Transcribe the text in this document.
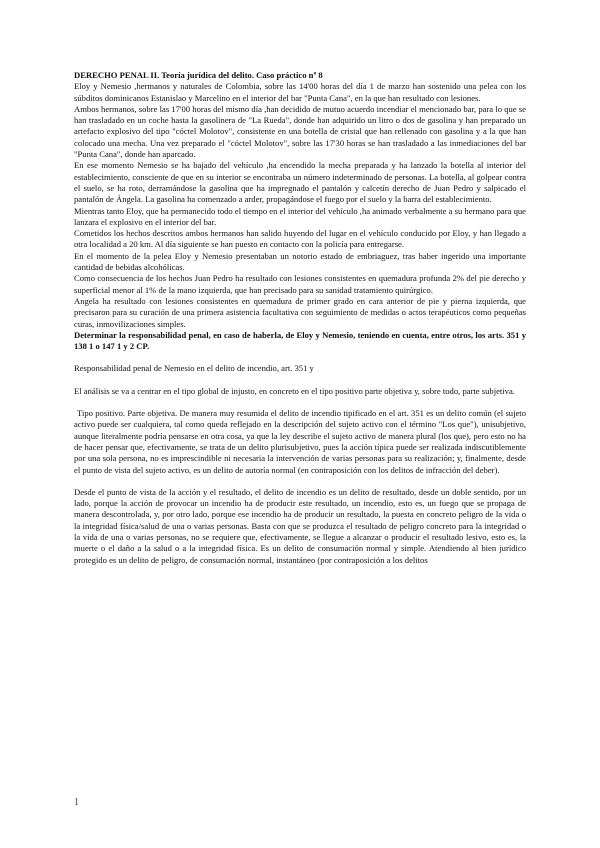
DERECHO PENAL II. Teoría jurídica del delito. Caso práctico nº 8

Eloy y Nemesio ,hermanos y naturales de Colombia, sobre las 14'00 horas del día 1 de marzo han sostenido una pelea con los súbditos dominicanos Estanislao y Marcelino en el interior del bar "Punta Cana", en la que han resultado con lesiones.

Ambos hermanos, sobre las 17'00 horas del mismo día ,han decidido de mutuo acuerdo incendiar el mencionado bar, para lo que se han trasladado en un coche hasta la gasolinera de "La Rueda", donde han adquirido un litro o dos de gasolina y han preparado un artefacto explosivo del tipo "cóctel Molotov", consistente en una botella de cristal que han rellenado con gasolina y a la que han colocado una mecha. Una vez preparado el "cóctel Molotov", sobre las 17'30 horas se han trasladado a las inmediaciones del bar "Punta Cana", donde han aparcado.

En ese momento Nemesio se ha bajado del vehículo ,ha encendido la mecha preparada y ha lanzado la botella al interior del establecimiento, consciente de que en su interior se encontraba un número indeterminado de personas. La botella, al golpear contra el suelo, se ha roto, derramándose la gasolina que ha impregnado el pantalón y calcetín derecho de Juan Pedro y salpicado el pantalón de Ángela. La gasolina ha comenzado a arder, propagándose el fuego por el suelo y la barra del establecimiento.

Mientras tanto Eloy, que ha permanecido todo el tiempo en el interior del vehículo ,ha animado verbalmente a su hermano para que lanzara el explosivo en el interior del bar.

Cometidos los hechos descritos ambos hermanos han salido huyendo del lugar en el vehículo conducido por Eloy, y han llegado a otra localidad a 20 km. Al día siguiente se han puesto en contacto con la policía para entregarse.

En el momento de la pelea Eloy y Nemesio presentaban un notorio estado de embriaguez, tras haber ingerido una importante cantidad de bebidas alcohólicas.

Como consecuencia de los hechos Juan Pedro ha resultado con lesiones consistentes en quemadura profunda 2% del pie derecho y superficial menor al 1% de la mano izquierda, que han precisado para su sanidad tratamiento quirúrgico.

Angela ha resultado con lesiones consistentes en quemadura de primer grado en cara anterior de pie y pierna izquierda, que precisaron para su curación de una primera asistencia facultativa con seguimiento de medidas o actos terapéuticos como pequeñas curas, inmovilizaciones simples.

Determinar la responsabilidad penal, en caso de haberla, de Eloy y Nemesio, teniendo en cuenta, entre otros, los arts. 351 y 138 1 o 147 1 y 2 CP.

Responsabilidad penal de Nemesio en el delito de incendio, art. 351 y

El análisis se va a centrar en el tipo global de injusto, en concreto en el tipo positivo parte objetiva y, sobre todo, parte subjetiva.

Tipo positivo. Parte objetiva. De manera muy resumida el delito de incendio tipificado en el art. 351 es un delito común (el sujeto activo puede ser cualquiera, tal como queda reflejado en la descripción del sujeto activo con el término "Los que"), unisubjetivo, aunque literalmente podría pensarse en otra cosa, ya que la ley describe el sujeto activo de manera plural (los que), pero esto no ha de hacer pensar que, efectivamente, se trata de un delito plurisubjetivo, pues la acción típica puede ser realizada indiscutiblemente por una sola persona, no es imprescindible ni necesaria la intervención de varias personas para su realización; y, finalmente, desde el punto de vista del sujeto activo, es un delito de autoría normal (en contraposición con los delitos de infracción del deber).

Desde el punto de vista de la acción y el resultado, el delito de incendio es un delito de resultado, desde un doble sentido, por un lado, porque la acción de provocar un incendio ha de producir este resultado, un incendio, esto es, un fuego que se propaga de manera descontrolada, y, por otro lado, porque ese incendio ha de producir un resultado, la puesta en concreto peligro de la vida o la integridad física/salud de una o varias personas. Basta con que se produzca el resultado de peligro concreto para la integridad o la vida de una o varias personas, no se requiere que, efectivamente, se llegue a alcanzar o producir el resultado lesivo, esto es, la muerte o el daño a la salud o a la integridad física. Es un delito de consumación normal y simple. Atendiendo al bien jurídico protegido es un delito de peligro, de consumación normal, instantáneo (por contraposición a los delitos

1
